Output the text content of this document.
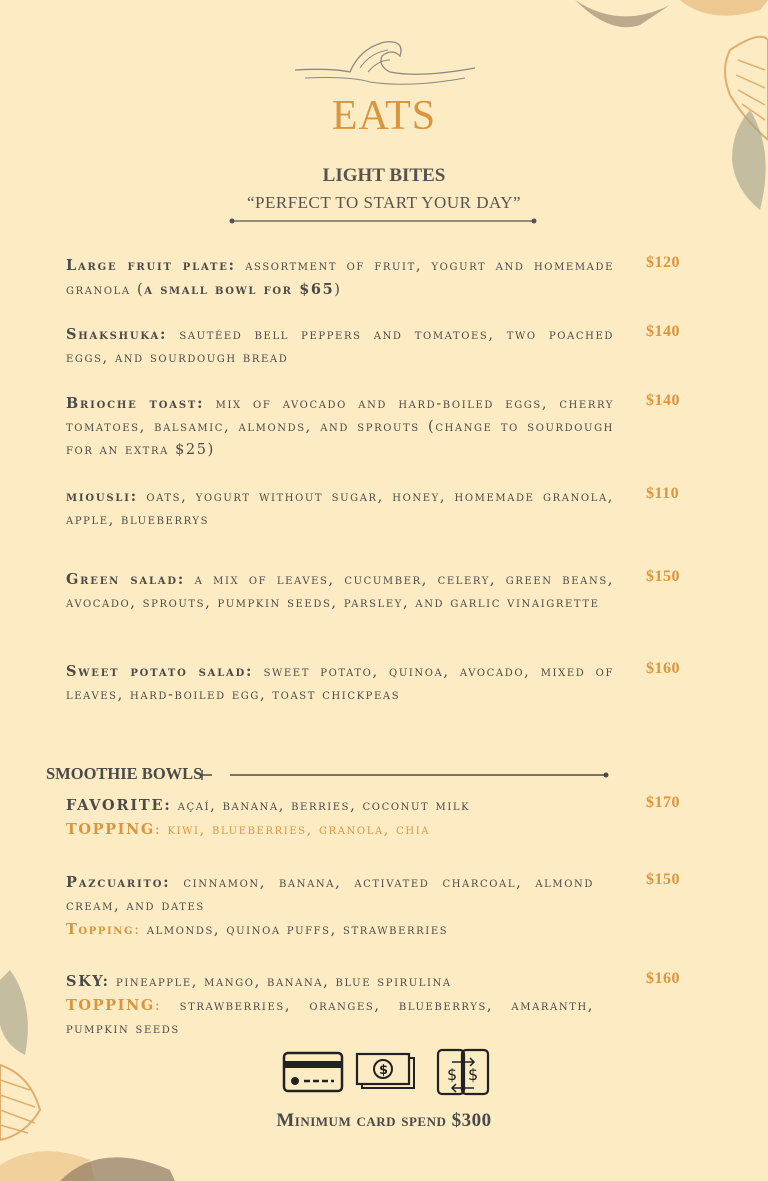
EATS
LIGHT BITES
“PERFECT TO START YOUR DAY”

Large fruit plate: assortment of fruit, yogurt and homemade granola (a small bowl for $65)

$120

Shakshuka: sautéed bell peppers and tomatoes, two poached eggs, and sourdough bread

$140

Brioche toast: mix of avocado and hard-boiled eggs, cherry tomatoes, balsamic, almonds, and sprouts (change to sourdough for an extra $25)

$140

miousli: oats, yogurt without sugar, honey, homemade granola, apple, blueberrys

$110

Green salad: a mix of leaves, cucumber, celery, green beans, avocado, sprouts, pumpkin seeds, parsley, and garlic vinaigrette

$150

Sweet potato salad: sweet potato, quinoa, avocado, mixed of leaves, hard-boiled egg, toast chickpeas

$160
SMOOTHIE BOWLS

FAVORITE: açaí, banana, berries, coconut milk
TOPPING: kiwi, blueberries, granola, chia

$170

Pazcuarito: cinnamon, banana, activated charcoal, almond cream, and dates
Topping: almonds, quinoa puffs, strawberries

$150

SKY: pineapple, mango, banana, blue spirulina
TOPPING: strawberries, oranges, blueberrys, amaranth, pumpkin seeds

$160
$	$ $
Minimum card spend $300
